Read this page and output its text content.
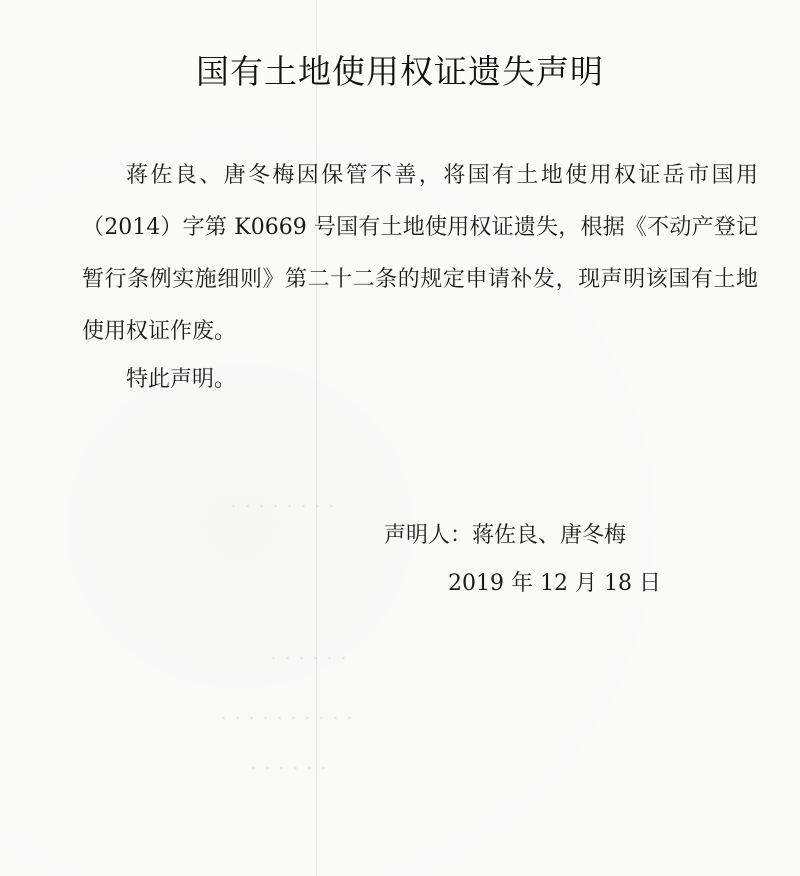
· · · · · · · ·
· · · · · ·
· · · · · · · · · ·
· · · · · ·
国有土地使用权证遗失声明

蒋佐良、唐冬梅因保管不善，将国有土地使用权证岳市国用（2014）字第 K0669 号国有土地使用权证遗失，根据《不动产登记暂行条例实施细则》第二十二条的规定申请补发，现声明该国有土地使用权证作废。

特此声明。
声明人：蒋佐良、唐冬梅
2019 年 12 月 18 日
